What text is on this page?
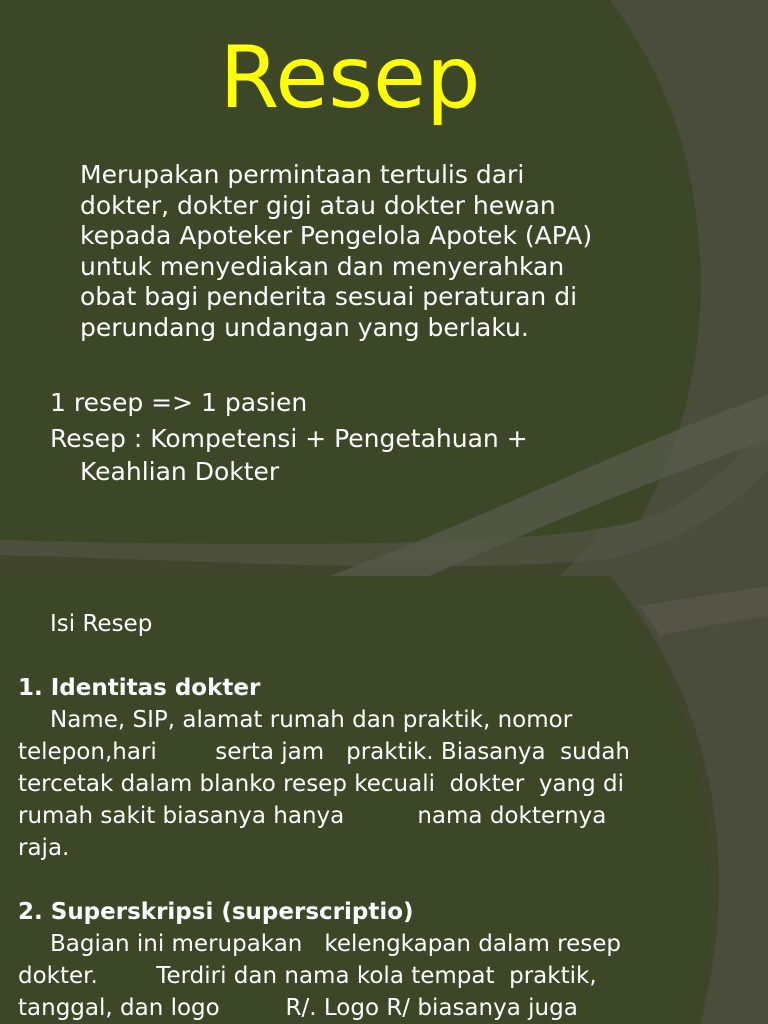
Resep
Merupakan permintaan tertulis dari
dokter, dokter gigi atau dokter hewan
kepada Apoteker Pengelola Apotek (APA)
untuk menyediakan dan menyerahkan
obat bagi penderita sesuai peraturan di
perundang undangan yang berlaku.
1 resep => 1 pasien
Resep : Kompetensi + Pengetahuan +
Keahlian Dokter
Isi Resep
1. Identitas dokter
Name, SIP, alamat rumah dan praktik, nomor
telepon,hari        serta jam   praktik. Biasanya  sudah
tercetak dalam blanko resep kecuali  dokter  yang di
rumah sakit biasanya hanya          nama dokternya
raja.
2. Superskripsi (superscriptio)
Bagian ini merupakan   kelengkapan dalam resep
dokter.        Terdiri dan nama kola tempat  praktik,
tanggal, dan logo         R/. Logo R/ biasanya juga
